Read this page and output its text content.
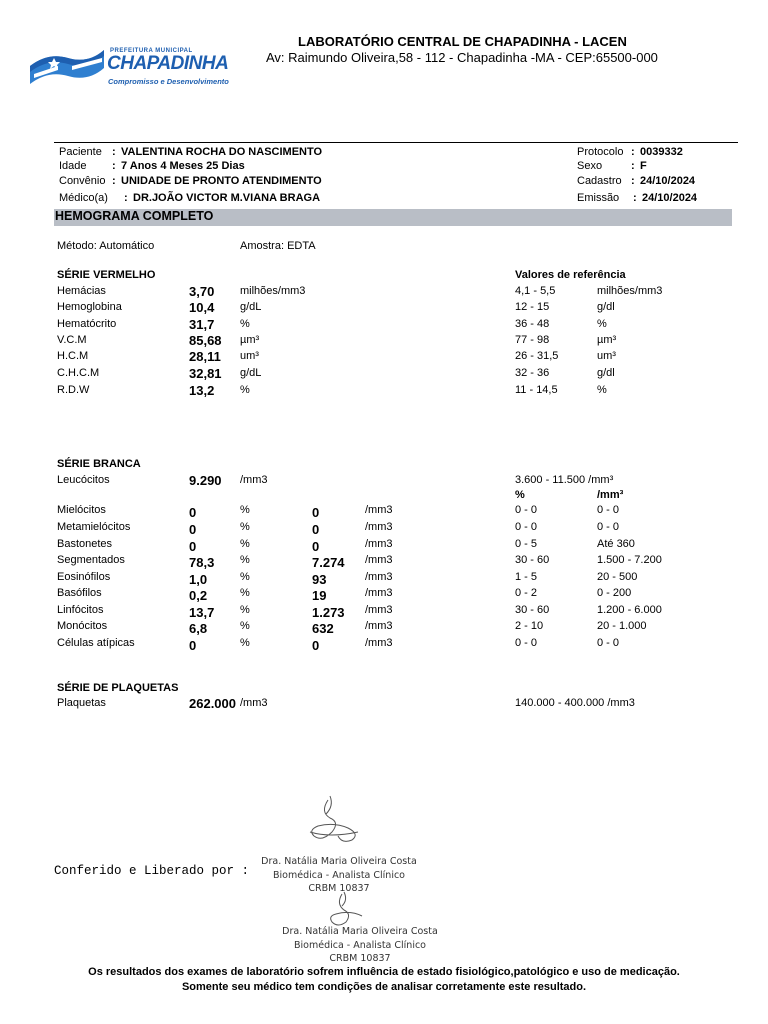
PREFEITURA MUNICIPAL
CHAPADINHA
Compromisso e Desenvolvimento
LABORATÓRIO CENTRAL DE CHAPADINHA - LACEN
Av: Raimundo Oliveira,58 - 112 - Chapadinha -MA - CEP:65500-000
Paciente : VALENTINA ROCHA DO NASCIMENTO
Idade : 7 Anos 4 Meses 25 Dias
Convênio : UNIDADE DE PRONTO ATENDIMENTO
Médico(a) : DR.JOÃO VICTOR M.VIANA BRAGA
Protocolo : 0039332
Sexo	: F
Cadastro : 24/10/2024
Emissão : 24/10/2024
HEMOGRAMA COMPLETO
Método: Automático	Amostra: EDTA
SÉRIE VERMELHO	Valores de referência
Hemácias	3,70 milhões/mm3	4,1 - 5,5	milhões/mm3
Hemoglobina	10,4 g/dL	12 - 15	g/dl
Hematócrito	31,7 %	36 - 48	%
V.C.M	85,68 µm³	77 - 98	µm³
H.C.M	28,11 um³	26 - 31,5	um³
C.H.C.M	32,81 g/dL	32 - 36	g/dl
R.D.W	13,2 %	11 - 14,5	%
SÉRIE BRANCA
Leucócitos	9.290 /mm3	3.600 - 11.500 /mm³
%	/mm³
Mielócitos	0	%	0	/mm3	0 - 0	0 - 0
Metamielócitos	0	%	0	/mm3	0 - 0	0 - 0
Bastonetes	0	%	0	/mm3	0 - 5	Até 360
Segmentados	78,3 %	7.274 /mm3	30 - 60	1.500 - 7.200
Eosinófilos	1,0	%	93	/mm3	1 - 5	20 - 500
Basófilos	0,2	%	19	/mm3	0 - 2	0 - 200
Linfócitos	13,7 %	1.273 /mm3	30 - 60	1.200 - 6.000
Monócitos	6,8	%	632	/mm3	2 - 10	20 - 1.000
Células atípicas	0	%	0	/mm3	0 - 0	0 - 0
SÉRIE DE PLAQUETAS
Plaquetas	262.000 /mm3	140.000 - 400.000 /mm3
Conferido e Liberado por :
Dra. Natália Maria Oliveira Costa
Biomédica - Analista Clínico
CRBM 10837
Dra. Natália Maria Oliveira Costa
Biomédica - Analista Clínico
CRBM 10837
Os resultados dos exames de laboratório sofrem influência de estado fisiológico,patológico e uso de medicação.
Somente seu médico tem condições de analisar corretamente este resultado.
